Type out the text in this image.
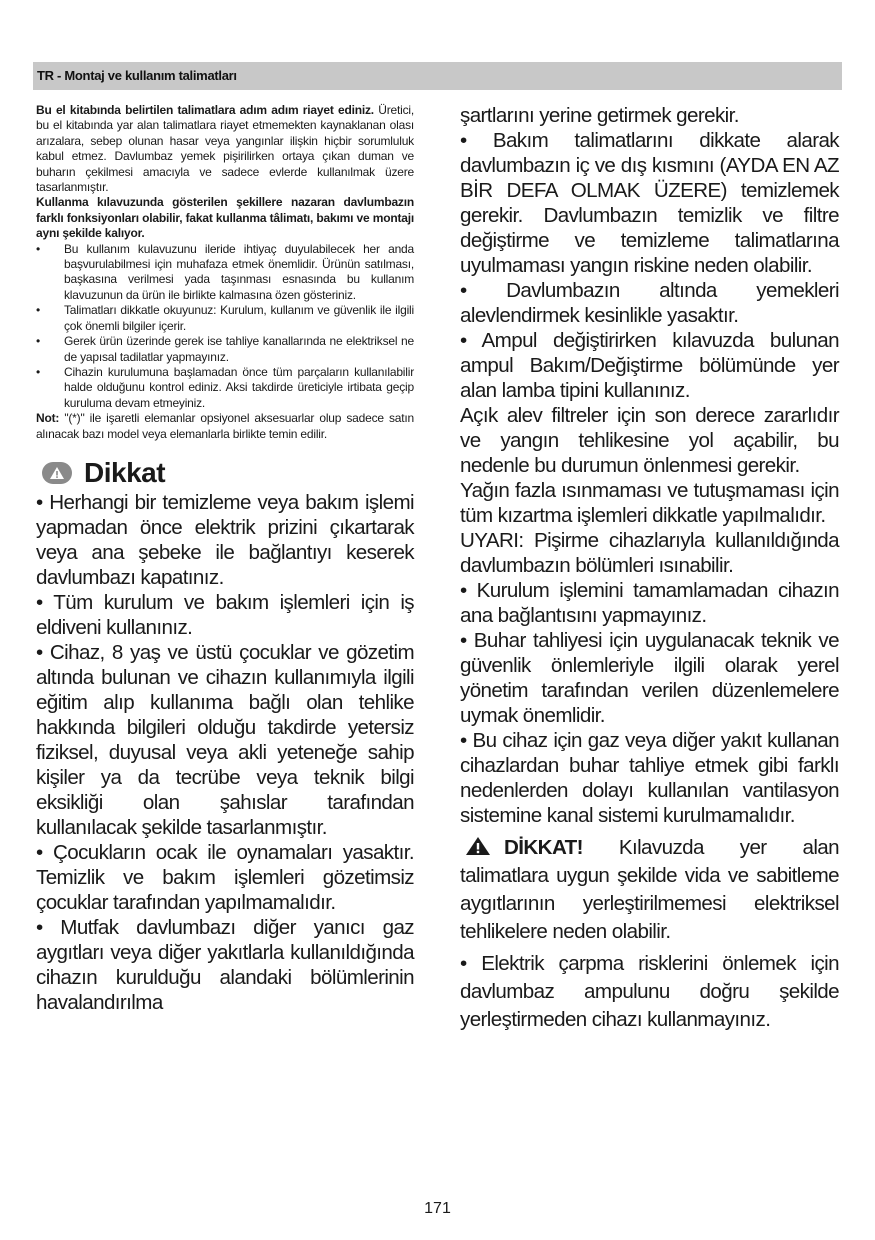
TR - Montaj ve kullanım talimatları

Bu el kitabında belirtilen talimatlara adım adım riayet ediniz. Üretici, bu el kitabında yar alan talimatlara riayet etmemekten kaynaklanan olası arızalara, sebep olunan hasar veya yangınlar ilişkin hiçbir sorumluluk kabul etmez. Davlumbaz yemek pişirilirken ortaya çıkan duman ve buharın çekilmesi amacıyla ve sadece evlerde kullanılmak üzere tasarlanmıştır.

Kullanma kılavuzunda gösterilen şekillere nazaran davlumbazın farklı fonksiyonları olabilir, fakat kullanma tâlimatı, bakımı ve montajı aynı şekilde kalıyor.

•	Bu kullanım kulavuzunu ileride ihtiyaç duyulabilecek her anda başvurulabilmesi için muhafaza etmek önemlidir. Ürünün satılması, başkasına verilmesi yada taşınması esnasında bu kullanım klavuzunun da ürün ile birlikte kalmasına özen gösteriniz.
•	Talimatları dikkatle okuyunuz: Kurulum, kullanım ve güvenlik ile ilgili çok önemli bilgiler içerir.
•	Gerek ürün üzerinde gerek ise tahliye kanallarında ne elektriksel ne de yapısal tadilatlar yapmayınız.
•	Cihazin kurulumuna başlamadan önce tüm parçaların kullanılabilir halde olduğunu kontrol ediniz. Aksi takdirde üreticiyle irtibata geçip kuruluma devam etmeyiniz.

Not: "(*)" ile işaretli elemanlar opsiyonel aksesuarlar olup sadece satın alınacak bazı model veya elemanlarla birlikte temin edilir.

Dikkat

• Herhangi bir temizleme veya bakım işlemi yapmadan önce elektrik prizini çıkartarak veya ana şebeke ile bağlantıyı keserek davlumbazı kapatınız.

• Tüm kurulum ve bakım işlemleri için iş eldiveni kullanınız.

• Cihaz, 8 yaş ve üstü çocuklar ve gözetim altında bulunan ve cihazın kullanımıyla ilgili eğitim alıp kullanıma bağlı olan tehlike hakkında bilgileri olduğu takdirde yetersiz fiziksel, duyusal veya akli yeteneğe sahip kişiler ya da tecrübe veya teknik bilgi eksikliği olan şahıslar tarafından kullanılacak şekilde tasarlanmıştır.

• Çocukların ocak ile oynamaları yasaktır. Temizlik ve bakım işlemleri gözetimsiz çocuklar tarafından yapılmamalıdır.

• Mutfak davlumbazı diğer yanıcı gaz aygıtları veya diğer yakıtlarla kullanıldığında cihazın kurulduğu alandaki bölümlerinin havalandırılma

şartlarını yerine getirmek gerekir.

• Bakım talimatlarını dikkate alarak davlumbazın iç ve dış kısmını (AYDA EN AZ BİR DEFA OLMAK ÜZERE) temizlemek gerekir. Davlumbazın temizlik ve filtre değiştirme ve temizleme talimatlarına uyulmaması yangın riskine neden olabilir.

• Davlumbazın altında yemekleri alevlendirmek kesinlikle yasaktır.

• Ampul değiştirirken kılavuzda bulunan ampul Bakım/Değiştirme bölümünde yer alan lamba tipini kullanınız.

Açık alev filtreler için son derece zararlıdır ve yangın tehlikesine yol açabilir, bu nedenle bu durumun önlenmesi gerekir.

Yağın fazla ısınmaması ve tutuşmaması için tüm kızartma işlemleri dikkatle yapılmalıdır.

UYARI: Pişirme cihazlarıyla kullanıldığında davlumbazın bölümleri ısınabilir.

• Kurulum işlemini tamamlamadan cihazın ana bağlantısını yapmayınız.

• Buhar tahliyesi için uygulanacak teknik ve güvenlik önlemleriyle ilgili olarak yerel yönetim tarafından verilen düzenlemelere uymak önemlidir.

• Bu cihaz için gaz veya diğer yakıt kullanan cihazlardan buhar tahliye etmek gibi farklı nedenlerden dolayı kullanılan vantilasyon sistemine kanal sistemi kurulmamalıdır.

DİKKAT! Kılavuzda yer alan talimatlara uygun şekilde vida ve sabitleme aygıtlarının yerleştirilmemesi elektriksel tehlikelere neden olabilir.

• Elektrik çarpma risklerini önlemek için davlumbaz ampulunu doğru şekilde yerleştirmeden cihazı kullanmayınız.

171
